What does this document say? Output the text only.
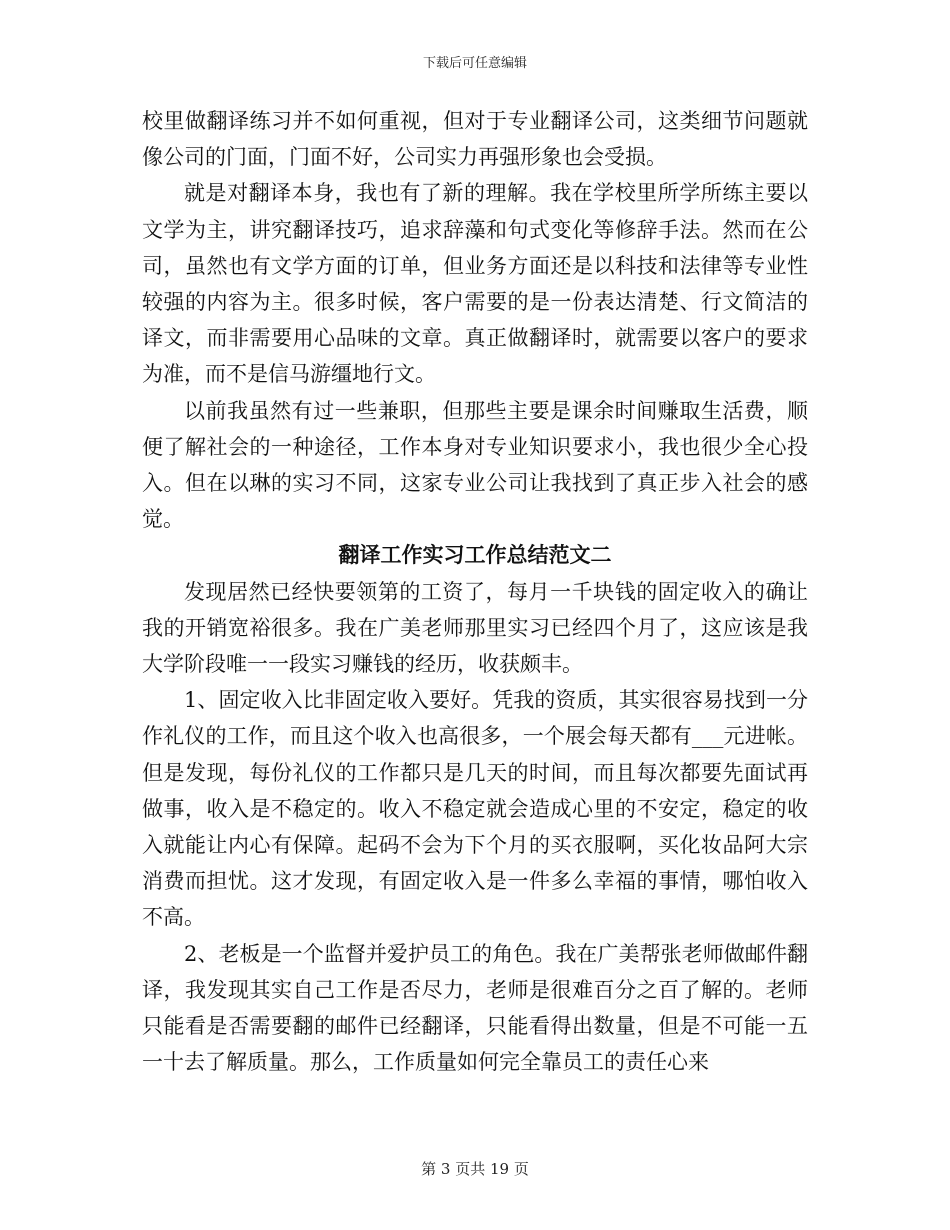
下载后可任意编辑

校里做翻译练习并不如何重视，但对于专业翻译公司，这类细节问题就像公司的门面，门面不好，公司实力再强形象也会受损。

就是对翻译本身，我也有了新的理解。我在学校里所学所练主要以文学为主，讲究翻译技巧，追求辞藻和句式变化等修辞手法。然而在公司，虽然也有文学方面的订单，但业务方面还是以科技和法律等专业性较强的内容为主。很多时候，客户需要的是一份表达清楚、行文简洁的译文，而非需要用心品味的文章。真正做翻译时，就需要以客户的要求为准，而不是信马游缰地行文。

以前我虽然有过一些兼职，但那些主要是课余时间赚取生活费，顺便了解社会的一种途径，工作本身对专业知识要求小，我也很少全心投入。但在以琳的实习不同，这家专业公司让我找到了真正步入社会的感觉。

翻译工作实习工作总结范文二

发现居然已经快要领第的工资了，每月一千块钱的固定收入的确让我的开销宽裕很多。我在广美老师那里实习已经四个月了，这应该是我大学阶段唯一一段实习赚钱的经历，收获颇丰。

1、固定收入比非固定收入要好。凭我的资质，其实很容易找到一分作礼仪的工作，而且这个收入也高很多，一个展会每天都有___元进帐。但是发现，每份礼仪的工作都只是几天的时间，而且每次都要先面试再做事，收入是不稳定的。收入不稳定就会造成心里的不安定，稳定的收入就能让内心有保障。起码不会为下个月的买衣服啊，买化妆品阿大宗消费而担忧。这才发现，有固定收入是一件多么幸福的事情，哪怕收入不高。

2、老板是一个监督并爱护员工的角色。我在广美帮张老师做邮件翻译，我发现其实自己工作是否尽力，老师是很难百分之百了解的。老师只能看是否需要翻的邮件已经翻译，只能看得出数量，但是不可能一五一十去了解质量。那么，工作质量如何完全靠员工的责任心来

第 3 页共 19 页
